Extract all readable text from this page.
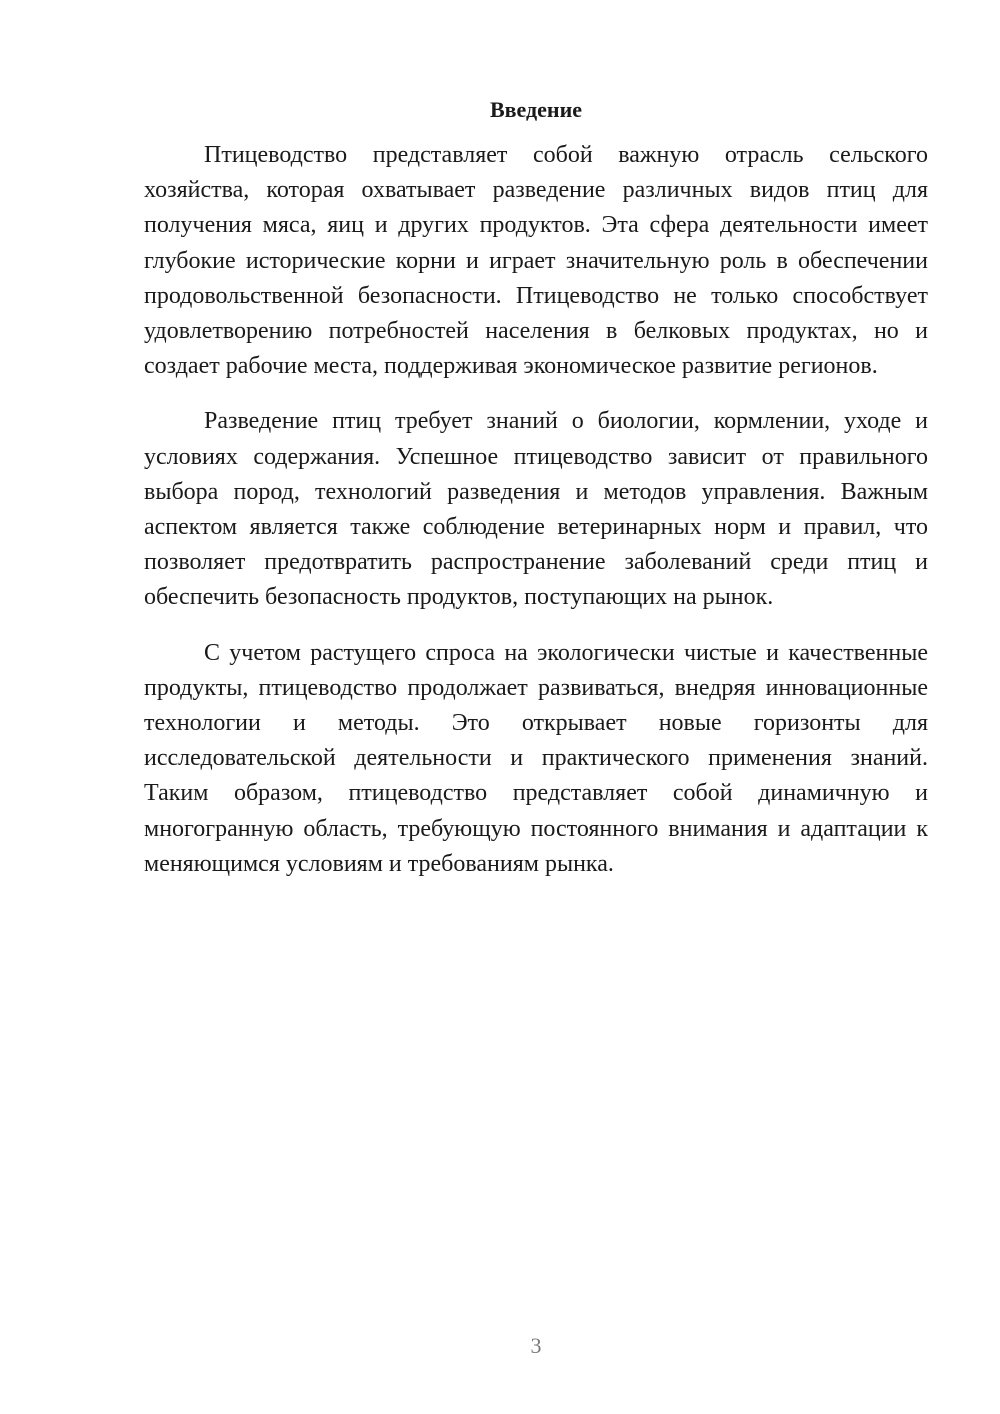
Введение

Птицеводство представляет собой важную отрасль сельского хозяйства, которая охватывает разведение различных видов птиц для получения мяса, яиц и других продуктов. Эта сфера деятельности имеет глубокие исторические корни и играет значительную роль в обеспечении продовольственной безопасности. Птицеводство не только способствует удовлетворению потребностей населения в белковых продуктах, но и создает рабочие места, поддерживая экономическое развитие регионов.

Разведение птиц требует знаний о биологии, кормлении, уходе и условиях содержания. Успешное птицеводство зависит от правильного выбора пород, технологий разведения и методов управления. Важным аспектом является также соблюдение ветеринарных норм и правил, что позволяет предотвратить распространение заболеваний среди птиц и обеспечить безопасность продуктов, поступающих на рынок.

С учетом растущего спроса на экологически чистые и качественные продукты, птицеводство продолжает развиваться, внедряя инновационные технологии и методы. Это открывает новые горизонты для исследовательской деятельности и практического применения знаний. Таким образом, птицеводство представляет собой динамичную и многогранную область, требующую постоянного внимания и адаптации к меняющимся условиям и требованиям рынка.

3
